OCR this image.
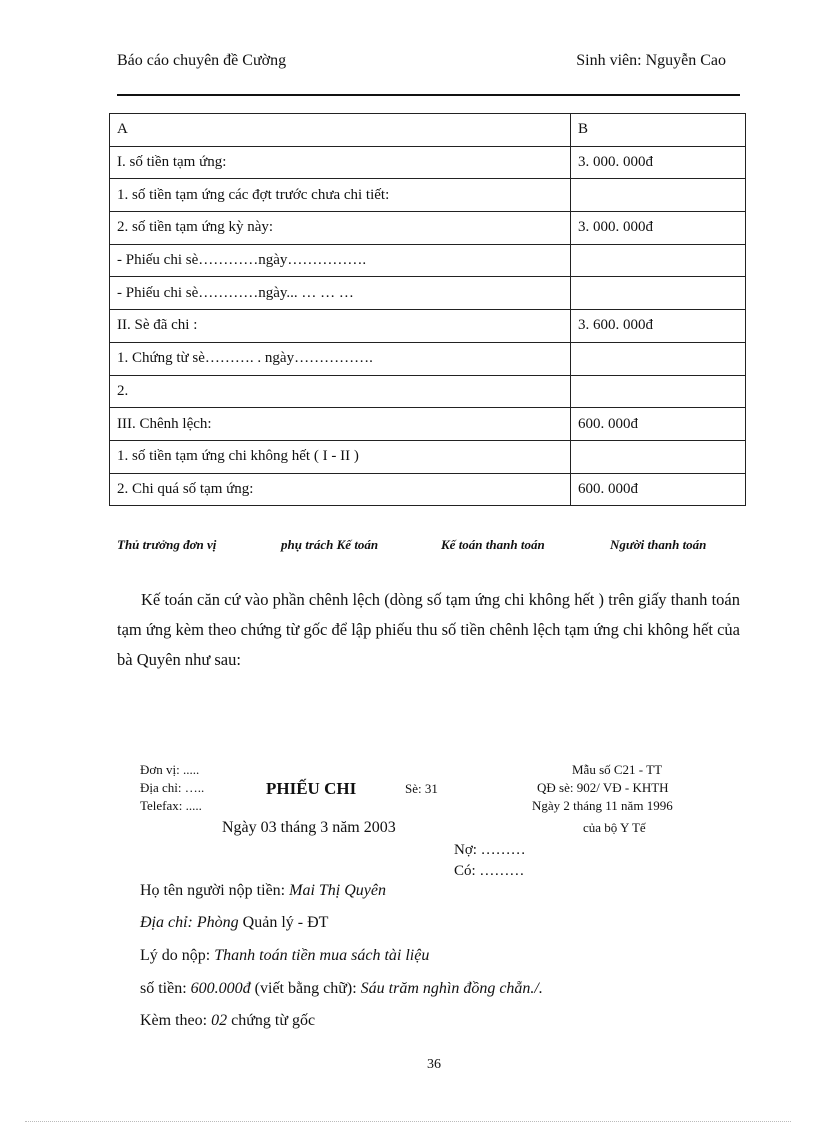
Báo cáo chuyên đề Cường	Sinh viên: Nguyễn Cao
A	B
I. số tiền tạm ứng:	3. 000. 000đ
1. số tiền tạm ứng các đợt trước chưa chi tiết:	
2. số tiền tạm ứng kỳ này:	3. 000. 000đ
- Phiếu chi sè…………ngày…………….	
- Phiếu chi sè…………ngày... … … …	
II. Sè đã chi :	3. 600. 000đ
1. Chứng từ sè………. . ngày…………….	
2.	
III. Chênh lệch:	600. 000đ
1. số tiền tạm ứng chi không hết ( I - II )	
2. Chi quá số tạm ứng:	600. 000đ
Thủ trưởng đơn vị	phụ trách Kế toán	Kế toán thanh toán	Người thanh toán
Kế toán căn cứ vào phần chênh lệch (dòng số tạm ứng chi không hết ) trên giấy thanh toán tạm ứng kèm theo chứng từ gốc để lập phiếu thu số tiền chênh lệch tạm ứng chi không hết của bà Quyên như sau:
Đơn vị: .....
Địa chỉ: …..
Telefax: .....
PHIẾU CHI	Sè: 31
Mẫu số C21 - TT
QĐ sè: 902/ VĐ - KHTH
Ngày 2 tháng 11 năm 1996
của bộ Y Tế
Ngày 03 tháng 3 năm 2003
Nợ: ………
Có: ………
Họ tên người nộp tiền: Mai Thị Quyên
Địa chỉ: Phòng Quản lý - ĐT
Lý do nộp: Thanh toán tiền mua sách tài liệu
số tiền: 600.000đ (viết bằng chữ): Sáu trăm nghìn đồng chẵn./.
Kèm theo: 02 chứng từ gốc
36
